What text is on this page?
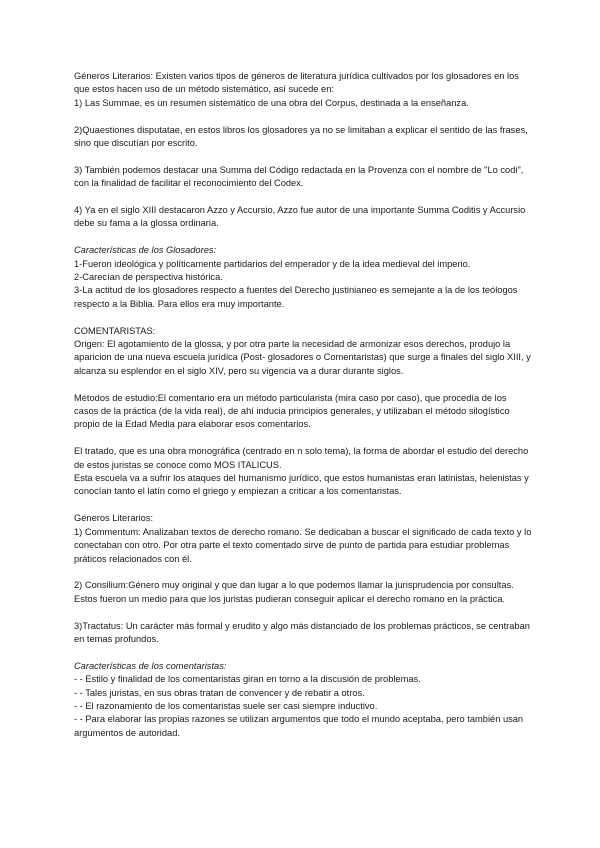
Géneros Literarios: Existen varios tipos de géneros de literatura jurídica cultivados por los glosadores en los que estos hacen uso de un método sistemático, así sucede en:

1) Las Summae, es un resumen sistemático de una obra del Corpus, destinada a la enseñanza.

2)Quaestiones disputatae, en estos libros los glosadores ya no se limitaban a explicar el sentido de las frases, sino que discutían por escrito.

3) También podemos destacar una Summa del Código redactada en la Provenza con el nombre de "Lo codi", con la finalidad de facilitar el reconocimiento del Codex.

4) Ya en el siglo XIII destacaron Azzo y Accursio, Azzo fue autor de una importante Summa Coditis y Accursio debe su fama a la glossa ordinaria.

Características de los Glosadores:

1-Fueron ideológica y políticamente partidarios del emperador y de la idea medieval del imperio.

2-Carecían de perspectiva histórica.

3-La actitud de los glosadores respecto a fuentes del Derecho justinianeo es semejante a la de los teólogos respecto a la Biblia. Para ellos era muy importante.

COMENTARISTAS:

Origen: El agotamiento de la glossa, y por otra parte la necesidad de armonizar esos derechos, produjo la aparicion de una nueva escuela jurídica (Post- glosadores o Comentaristas) que surge a finales del siglo XIII, y alcanza su esplendor en el siglo XIV, pero su vigencia va a durar durante siglos.

Métodos de estudio:El comentario era un método particularista (mira caso por caso), que procedía de los casos de la práctica (de la vida real), de ahí inducia principios generales, y utilizaban el método silogístico propio de la Edad Media para elaborar esos comentarios.

El tratado, que es una obra monográfica (centrado en n solo tema), la forma de abordar el estudio del derecho de estos juristas se conoce como MOS ITALICUS.

Esta escuela va a sufrir los ataques del humanismo jurídico, que estos humanistas eran latinistas, helenistas y conocían tanto el latín como el griego y empiezan a criticar a los comentaristas.

Géneros Literarios:

1) Commentum: Analizaban textos de derecho romano. Se dedicaban a buscar el significado de cada texto y lo conectaban con otro. Por otra parte el texto comentado sirve de punto de partida para estudiar problemas práticos relacionados con él.

2) Consilium:Género muy original y que dan lugar a lo que podemos llamar la jurisprudencia por consultas. Estos fueron un medio para que los juristas pudieran conseguir aplicar el derecho romano en la práctica.

3)Tractatus: Un carácter más formal y erudito y algo más distanciado de los problemas prácticos, se centraban en temas profundos.

Características de los comentaristas:

- - Estilo y finalidad de los comentaristas giran en torno a la discusión de problemas.

- - Tales juristas, en sus obras tratan de convencer y de rebatir a otros.

- - El razonamiento de los comentaristas suele ser casi siempre inductivo.

- - Para elaborar las propias razones se utilizan argumentos que todo el mundo aceptaba, pero también usan argumentos de autoridad.
